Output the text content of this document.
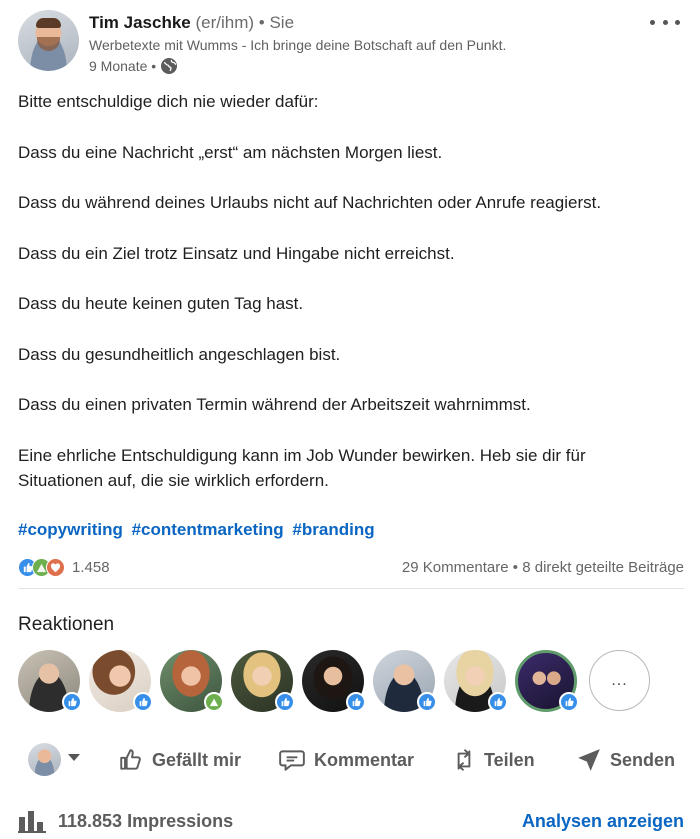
Tim Jaschke (er/ihm) • Sie
Werbetexte mit Wumms - Ich bringe deine Botschaft auf den Punkt.
9 Monate •

Bitte entschuldige dich nie wieder dafür:

Dass du eine Nachricht „erst“ am nächsten Morgen liest.

Dass du während deines Urlaubs nicht auf Nachrichten oder Anrufe reagierst.

Dass du ein Ziel trotz Einsatz und Hingabe nicht erreichst.

Dass du heute keinen guten Tag hast.

Dass du gesundheitlich angeschlagen bist.

Dass du einen privaten Termin während der Arbeitszeit wahrnimmst.

Eine ehrliche Entschuldigung kann im Job Wunder bewirken. Heb sie dir für

Situationen auf, die sie wirklich erfordern.

#copywriting #contentmarketing #branding
1.458	29 Kommentare • 8 direkt geteilte Beiträge
Reaktionen
...
Gefällt mir	Kommentar	Teilen	Senden
118.853 Impressions	Analysen anzeigen
